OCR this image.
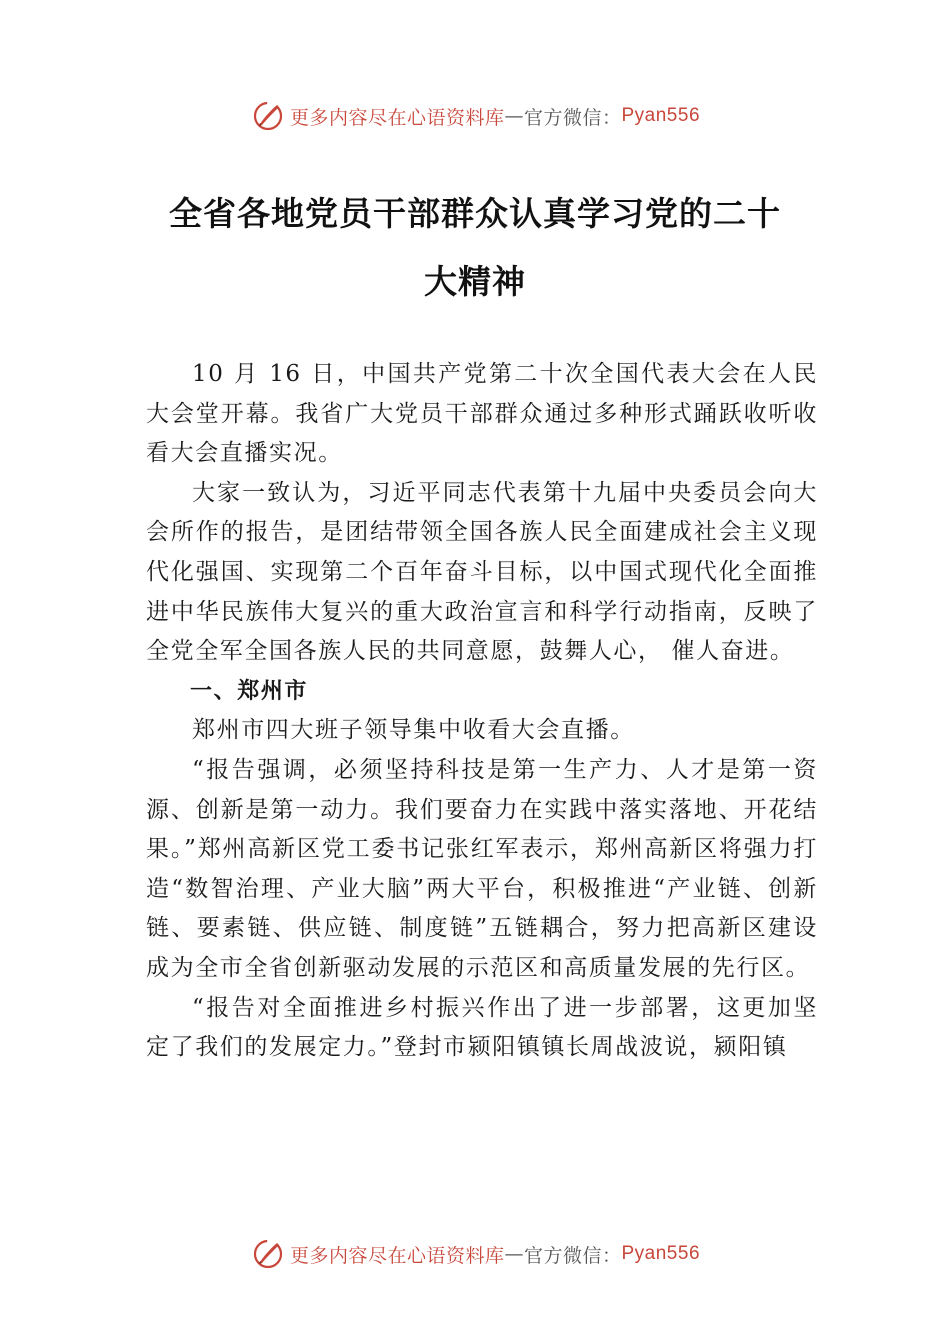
更多内容尽在心语资料库 — 官方微信： Pyan556
全省各地党员干部群众认真学习党的二十
大精神

10 月 16 日，中国共产党第二十次全国代表大会在人民大会堂开幕。我省广大党员干部群众通过多种形式踊跃收听收看大会直播实况。

大家一致认为，习近平同志代表第十九届中央委员会向大会所作的报告，是团结带领全国各族人民全面建成社会主义现代化强国、实现第二个百年奋斗目标，以中国式现代化全面推进中华民族伟大复兴的重大政治宣言和科学行动指南，反映了全党全军全国各族人民的共同意愿，鼓舞人心， 催人奋进。

一、郑州市

郑州市四大班子领导集中收看大会直播。

“报告强调，必须坚持科技是第一生产力、人才是第一资源、创新是第一动力。我们要奋力在实践中落实落地、开花结果。”郑州高新区党工委书记张红军表示，郑州高新区将强力打造“数智治理、产业大脑”两大平台，积极推进“产业链、创新链、要素链、供应链、制度链”五链耦合，努力把高新区建设成为全市全省创新驱动发展的示范区和高质量发展的先行区。

“报告对全面推进乡村振兴作出了进一步部署，这更加坚定了我们的发展定力。”登封市颍阳镇镇长周战波说，颍阳镇

更多内容尽在心语资料库 — 官方微信： Pyan556
